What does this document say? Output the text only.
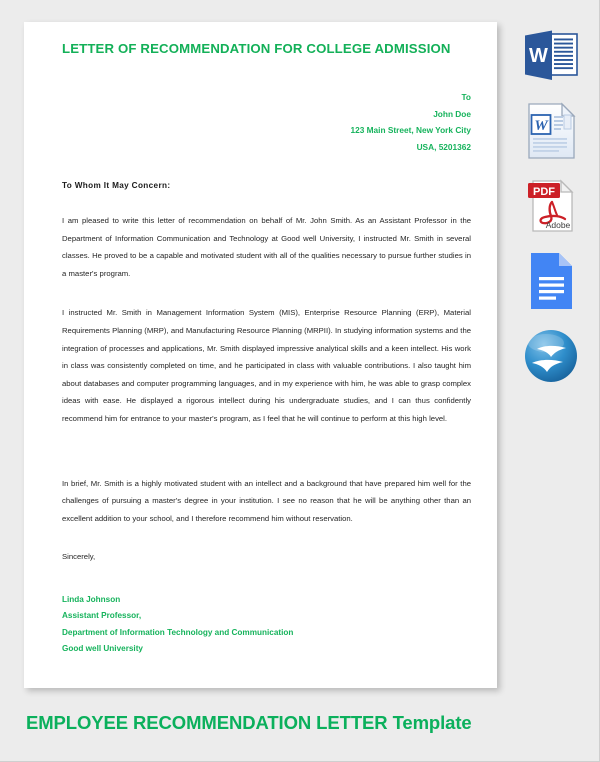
LETTER OF RECOMMENDATION FOR COLLEGE ADMISSION
To
John Doe
123 Main Street, New York City
USA, 5201362
To Whom It May Concern:

I am pleased to write this letter of recommendation on behalf of Mr. John Smith. As an Assistant Professor in the Department of Information Communication and Technology at Good well University, I instructed Mr. Smith in several classes. He proved to be a capable and motivated student with all of the qualities necessary to pursue further studies in a master's program.

I instructed Mr. Smith in Management Information System (MIS), Enterprise Resource Planning (ERP), Material Requirements Planning (MRP), and Manufacturing Resource Planning (MRPII). In studying information systems and the integration of processes and applications, Mr. Smith displayed impressive analytical skills and a keen intellect. His work in class was consistently completed on time, and he participated in class with valuable contributions. I also taught him about databases and computer programming languages, and in my experience with him, he was able to grasp complex ideas with ease. He displayed a rigorous intellect during his undergraduate studies, and I can thus confidently recommend him for entrance to your master's program, as I feel that he will continue to perform at this high level.

In brief, Mr. Smith is a highly motivated student with an intellect and a background that have prepared him well for the challenges of pursuing a master's degree in your institution. I see no reason that he will be anything other than an excellent addition to your school, and I therefore recommend him without reservation.

Sincerely,
Linda Johnson
Assistant Professor,
Department of Information Technology and Communication
Good well University
EMPLOYEE RECOMMENDATION LETTER Template
W
W
PDF
Adobe
